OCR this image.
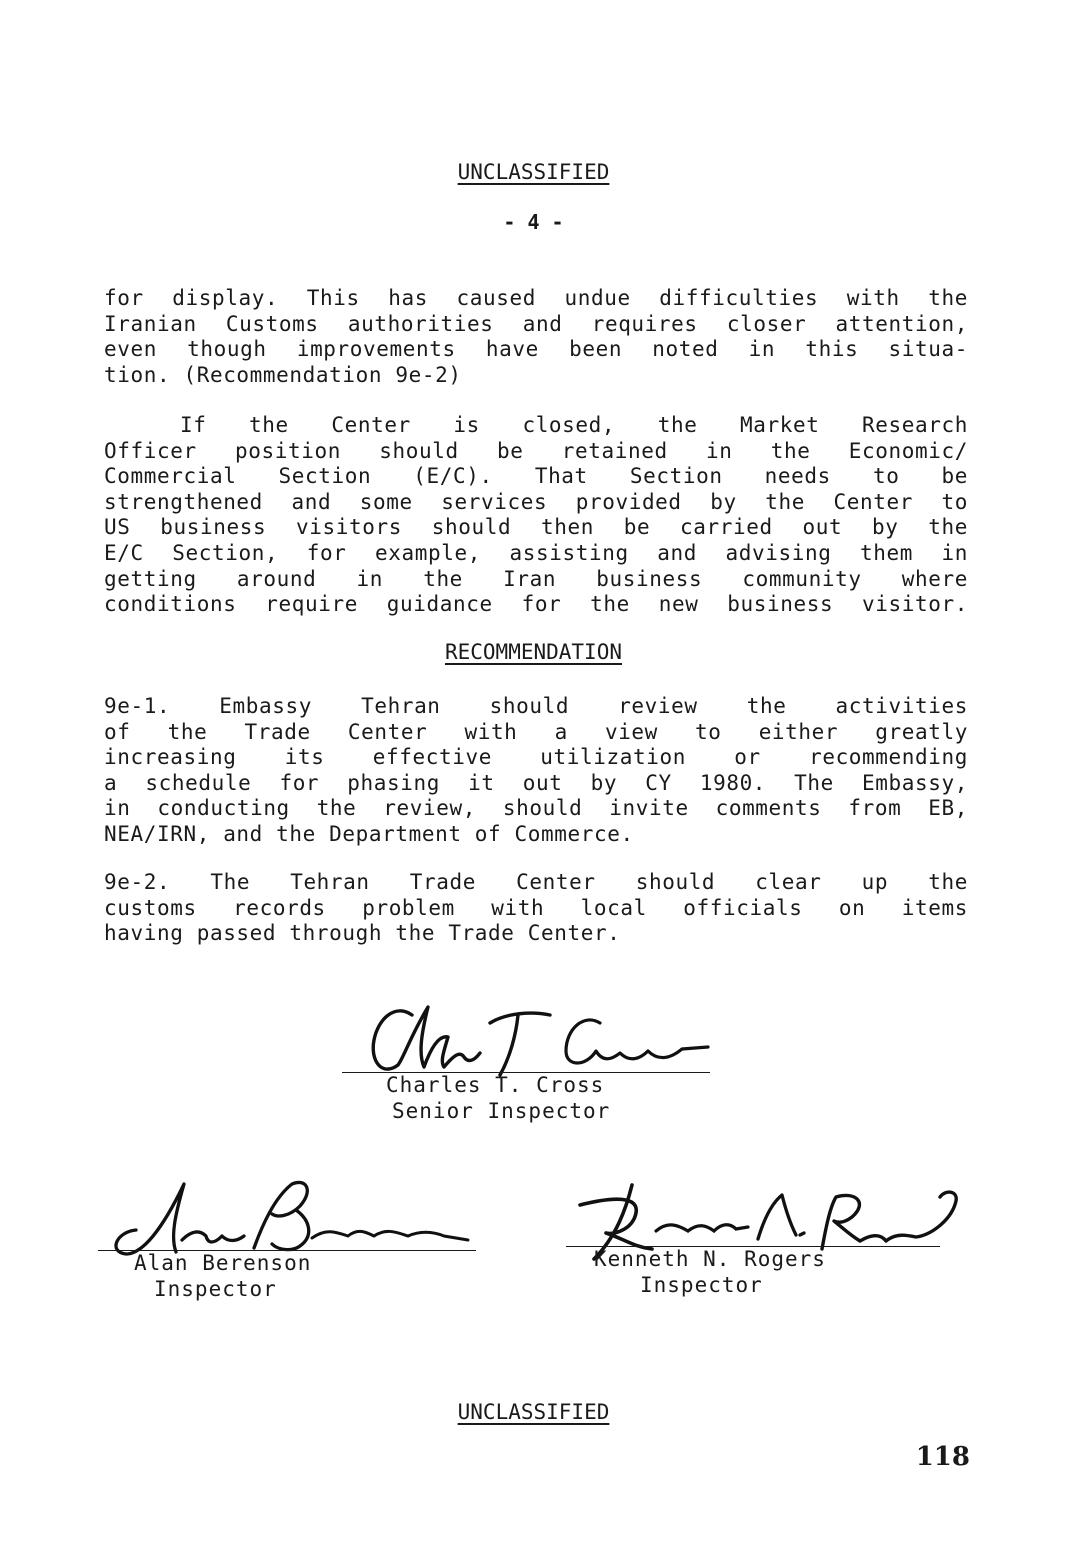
UNCLASSIFIED
- 4 -
for display. This has caused undue difficulties with the
Iranian Customs authorities and requires closer attention,
even though improvements have been noted in this situa-
tion. (Recommendation 9e-2)
If the Center is closed, the Market Research
Officer position should be retained in the Economic/
Commercial Section (E/C). That Section needs to be
strengthened and some services provided by the Center to
US business visitors should then be carried out by the
E/C Section, for example, assisting and advising them in
getting around in the Iran business community where
conditions require guidance for the new business visitor.
RECOMMENDATION
9e-1. Embassy Tehran should review the activities
of the Trade Center with a view to either greatly
increasing its effective utilization or recommending
a schedule for phasing it out by CY 1980. The Embassy,
in conducting the review, should invite comments from EB,
NEA/IRN, and the Department of Commerce.
9e-2. The Tehran Trade Center should clear up the
customs records problem with local officials on items
having passed through the Trade Center.
Charles T. Cross
Senior Inspector
Alan Berenson
Inspector
Kenneth N. Rogers
Inspector
UNCLASSIFIED
118
